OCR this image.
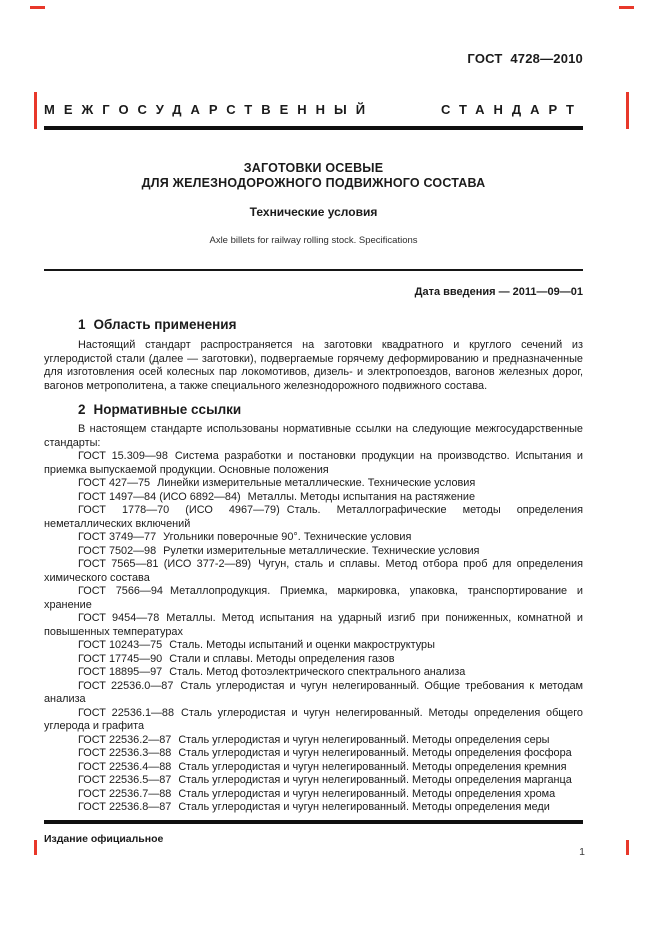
ГОСТ 4728—2010
МЕЖГОСУДАРСТВЕННЫЙ	СТАНДАРТ
ЗАГОТОВКИ ОСЕВЫЕ
ДЛЯ ЖЕЛЕЗНОДОРОЖНОГО ПОДВИЖНОГО СОСТАВА
Технические условия
Axle billets for railway rolling stock. Specifications
Дата введения — 2011—09—01
1 Область применения

Настоящий стандарт распространяется на заготовки квадратного и круглого сечений из углеродистой стали (далее — заготовки), подвергаемые горячему деформированию и предназначенные для изготовления осей колесных пар локомотивов, дизель- и электропоездов, вагонов железных дорог, вагонов метрополитена, а также специального железнодорожного подвижного состава.

2 Нормативные ссылки

В настоящем стандарте использованы нормативные ссылки на следующие межгосударственные стандарты:

ГОСТ 15.309—98 Система разработки и постановки продукции на производство. Испытания и приемка выпускаемой продукции. Основные положения

ГОСТ 427—75 Линейки измерительные металлические. Технические условия

ГОСТ 1497—84 (ИСО 6892—84) Металлы. Методы испытания на растяжение

ГОСТ 1778—70 (ИСО 4967—79) Сталь. Металлографические методы определения неметаллических включений

ГОСТ 3749—77 Угольники поверочные 90°. Технические условия

ГОСТ 7502—98 Рулетки измерительные металлические. Технические условия

ГОСТ 7565—81 (ИСО 377-2—89) Чугун, сталь и сплавы. Метод отбора проб для определения химического состава

ГОСТ 7566—94 Металлопродукция. Приемка, маркировка, упаковка, транспортирование и хранение

ГОСТ 9454—78 Металлы. Метод испытания на ударный изгиб при пониженных, комнатной и повышенных температурах

ГОСТ 10243—75 Сталь. Методы испытаний и оценки макроструктуры

ГОСТ 17745—90 Стали и сплавы. Методы определения газов

ГОСТ 18895—97 Сталь. Метод фотоэлектрического спектрального анализа

ГОСТ 22536.0—87 Сталь углеродистая и чугун нелегированный. Общие требования к методам анализа

ГОСТ 22536.1—88 Сталь углеродистая и чугун нелегированный. Методы определения общего углерода и графита

ГОСТ 22536.2—87 Сталь углеродистая и чугун нелегированный. Методы определения серы

ГОСТ 22536.3—88 Сталь углеродистая и чугун нелегированный. Методы определения фосфора

ГОСТ 22536.4—88 Сталь углеродистая и чугун нелегированный. Методы определения кремния

ГОСТ 22536.5—87 Сталь углеродистая и чугун нелегированный. Методы определения марганца

ГОСТ 22536.7—88 Сталь углеродистая и чугун нелегированный. Методы определения хрома

ГОСТ 22536.8—87 Сталь углеродистая и чугун нелегированный. Методы определения меди

Издание официальное
1
